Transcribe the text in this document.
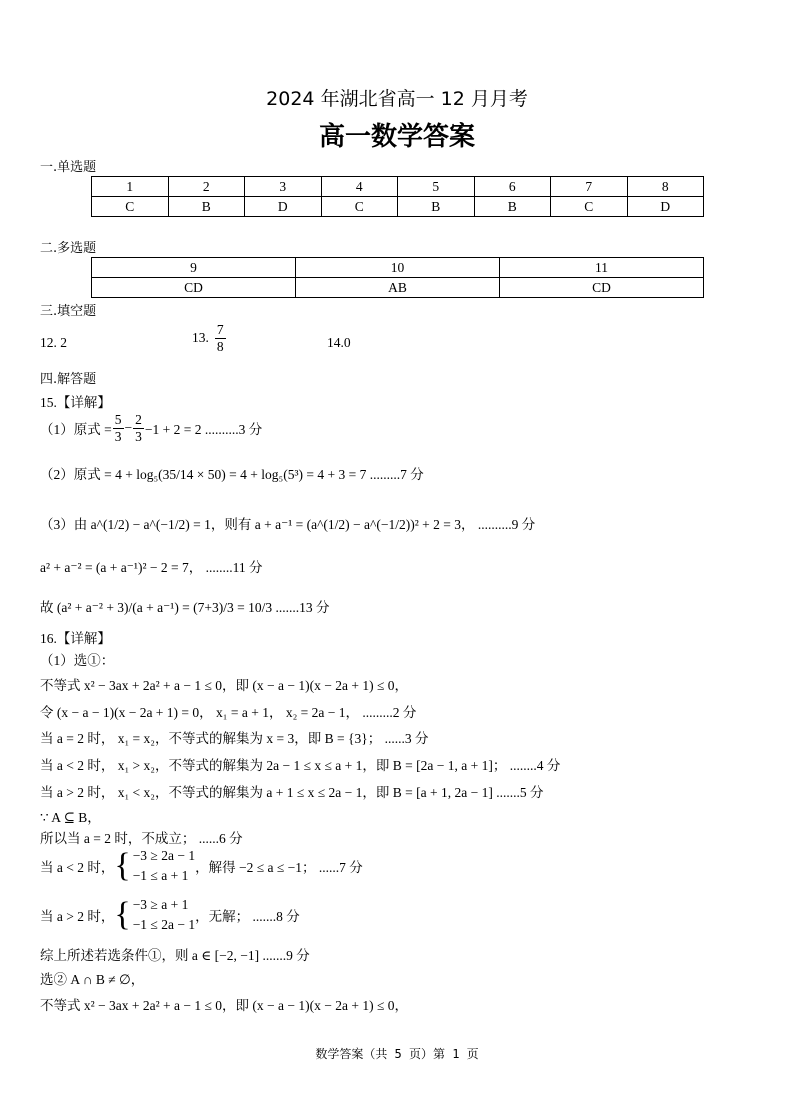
2024 年湖北省高一 12 月月考
高一数学答案
一.单选题
1	2	3	4	5	6	7	8
C	B	D	C	B	B	C	D
二.多选题
9	10	11
CD	AB	CD
三.填空题
12. 2	13. $\frac{7}{8}$	14.0
四.解答题
15.【详解】
（1）原式 = $\frac{5}{3} - \frac{2}{3} -1 + 2 = 2$ ..........3 分
（2）原式 = 4 + log₅(35/14 × 50) = 4 + log₅(5³) = 4 + 3 = 7 .........7 分
（3）由 a^(1/2) − a^(−1/2) = 1，则有 a + a⁻¹ = (a^(1/2) − a^(−1/2))² + 2 = 3， ..........9 分
a² + a⁻² = (a + a⁻¹)² − 2 = 7， ........11 分
故 (a² + a⁻² + 3)/(a + a⁻¹) = (7+3)/3 = 10/3 .......13 分
16.【详解】
（1）选①：
不等式 x² − 3ax + 2a² + a − 1 ≤ 0，即 (x − a − 1)(x − 2a + 1) ≤ 0，
令 (x − a − 1)(x − 2a + 1) = 0， x₁ = a + 1， x₂ = 2a − 1， .........2 分
当 a = 2 时， x₁ = x₂，不等式的解集为 x = 3，即 B = {3}； ......3 分
当 a < 2 时， x₁ > x₂，不等式的解集为 2a − 1 ≤ x ≤ a + 1，即 B = [2a − 1, a + 1]； ........4 分
当 a > 2 时， x₁ < x₂，不等式的解集为 a + 1 ≤ x ≤ 2a − 1，即 B = [a + 1, 2a − 1] .......5 分
∵ A ⊆ B，
所以当 a = 2 时，不成立； ......6 分
当 a < 2 时， { −3 ≥ 2a − 1
−1 ≤ a + 1
，解得 −2 ≤ a ≤ −1； ......7 分
当 a > 2 时， { −3 ≥ a + 1
−1 ≤ 2a − 1
，无解； .......8 分
综上所述若选条件①，则 a ∈ [−2, −1] .......9 分
选② A ∩ B ≠ ∅，
不等式 x² − 3ax + 2a² + a − 1 ≤ 0，即 (x − a − 1)(x − 2a + 1) ≤ 0，
数学答案（共 5 页）第 1 页
